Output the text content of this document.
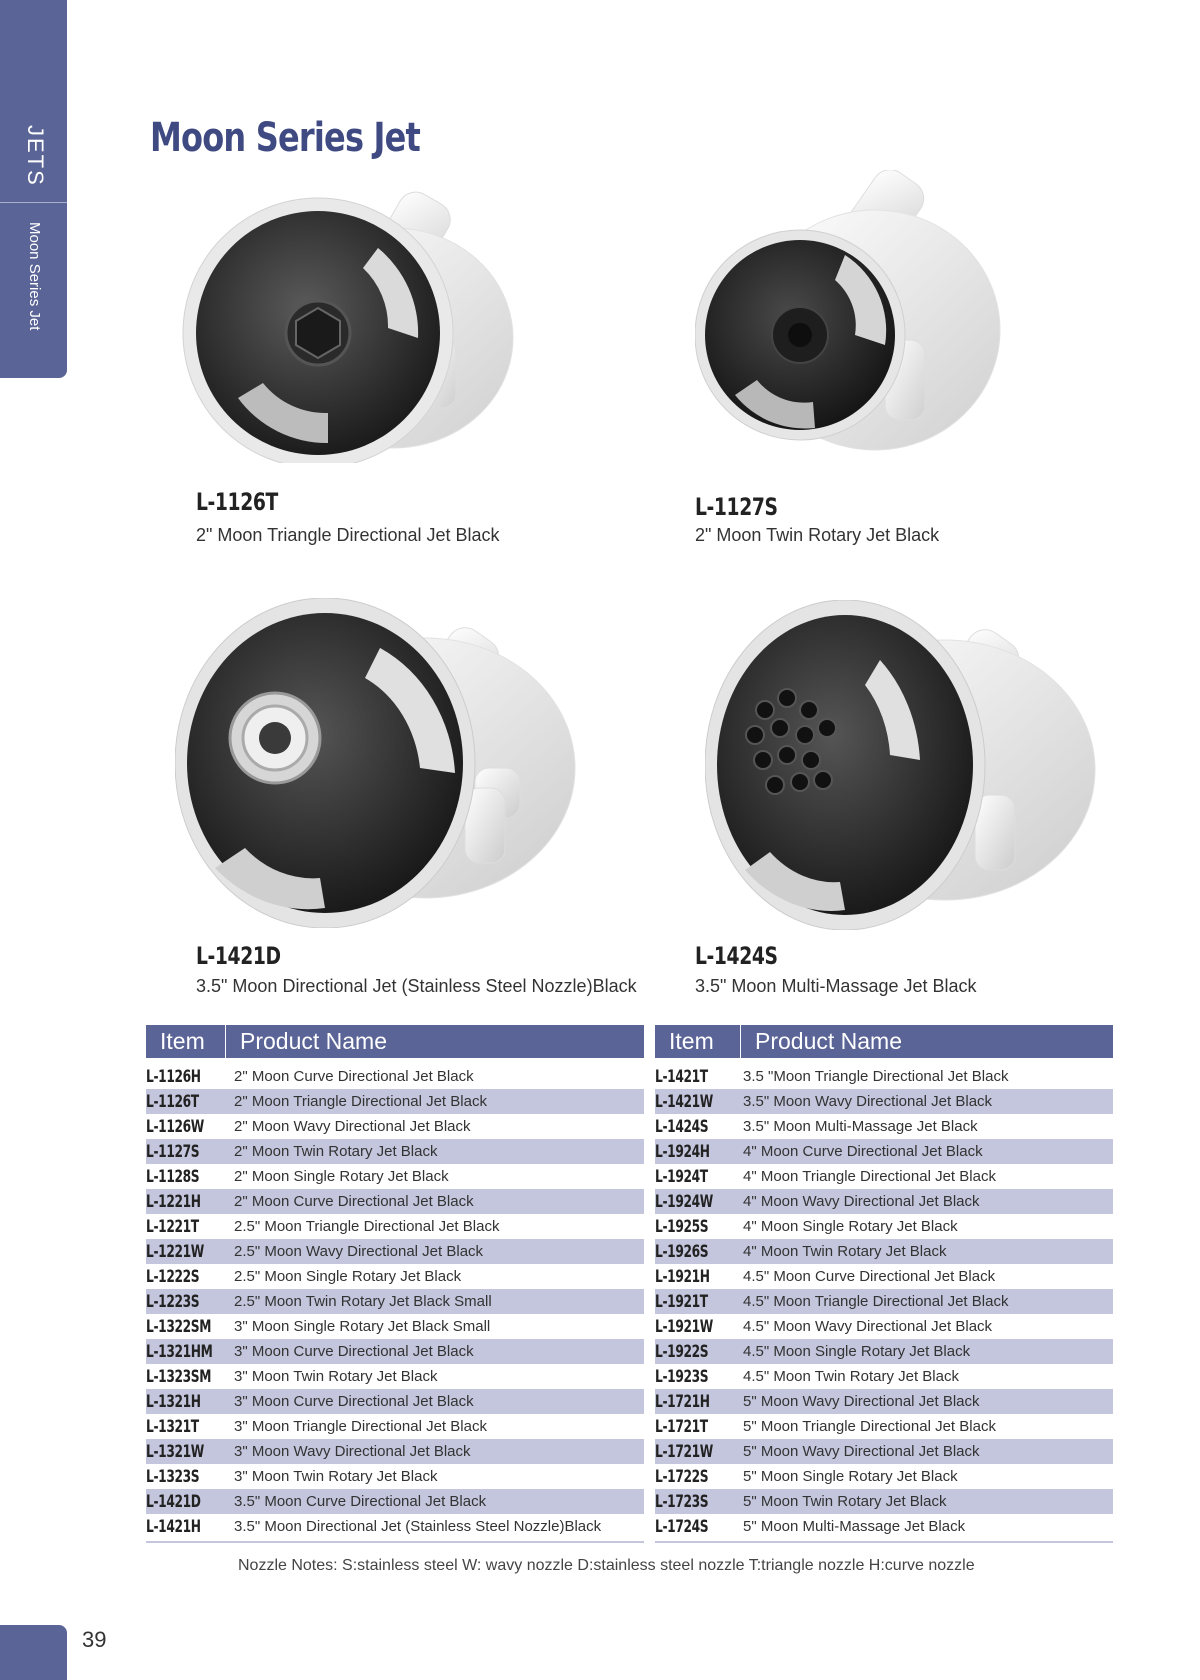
JETS
Moon Series Jet
Moon Series Jet
L-1126T
2" Moon Triangle Directional Jet Black
L-1127S
2" Moon Twin Rotary Jet Black
L-1421D
3.5" Moon Directional Jet (Stainless Steel Nozzle)Black
L-1424S
3.5" Moon Multi-Massage Jet Black
Item	Product Name
L-1126H	2" Moon Curve Directional Jet Black
L-1126T	2" Moon Triangle Directional Jet Black
L-1126W	2" Moon Wavy Directional Jet Black
L-1127S	2" Moon Twin Rotary Jet Black
L-1128S	2" Moon Single Rotary Jet Black
L-1221H	2" Moon Curve Directional Jet Black
L-1221T	2.5" Moon Triangle Directional Jet Black
L-1221W	2.5" Moon Wavy Directional Jet Black
L-1222S	2.5" Moon Single Rotary Jet Black
L-1223S	2.5" Moon Twin Rotary Jet Black Small
L-1322SM 3" Moon Single Rotary Jet Black Small
L-1321HM 3" Moon Curve Directional Jet Black
L-1323SM 3" Moon Twin Rotary Jet Black
L-1321H	3" Moon Curve Directional Jet Black
L-1321T	3" Moon Triangle Directional Jet Black
L-1321W	3" Moon Wavy Directional Jet Black
L-1323S	3" Moon Twin Rotary Jet Black
L-1421D	3.5" Moon Curve Directional Jet Black
L-1421H	3.5" Moon Directional Jet (Stainless Steel Nozzle)Black
Item	Product Name
L-1421T	3.5 "Moon Triangle Directional Jet Black
L-1421W	3.5" Moon Wavy Directional Jet Black
L-1424S	3.5" Moon Multi-Massage Jet Black
L-1924H	4" Moon Curve Directional Jet Black
L-1924T	4" Moon Triangle Directional Jet Black
L-1924W	4" Moon Wavy Directional Jet Black
L-1925S	4" Moon Single Rotary Jet Black
L-1926S	4" Moon Twin Rotary Jet Black
L-1921H	4.5" Moon Curve Directional Jet Black
L-1921T	4.5" Moon Triangle Directional Jet Black
L-1921W	4.5" Moon Wavy Directional Jet Black
L-1922S	4.5" Moon Single Rotary Jet Black
L-1923S	4.5" Moon Twin Rotary Jet Black
L-1721H	5" Moon Wavy Directional Jet Black
L-1721T	5" Moon Triangle Directional Jet Black
L-1721W	5" Moon Wavy Directional Jet Black
L-1722S	5" Moon Single Rotary Jet Black
L-1723S	5" Moon Twin Rotary Jet Black
L-1724S	5" Moon Multi-Massage Jet Black
Nozzle Notes: S:stainless steel W: wavy nozzle D:stainless steel nozzle T:triangle nozzle H:curve nozzle
39
